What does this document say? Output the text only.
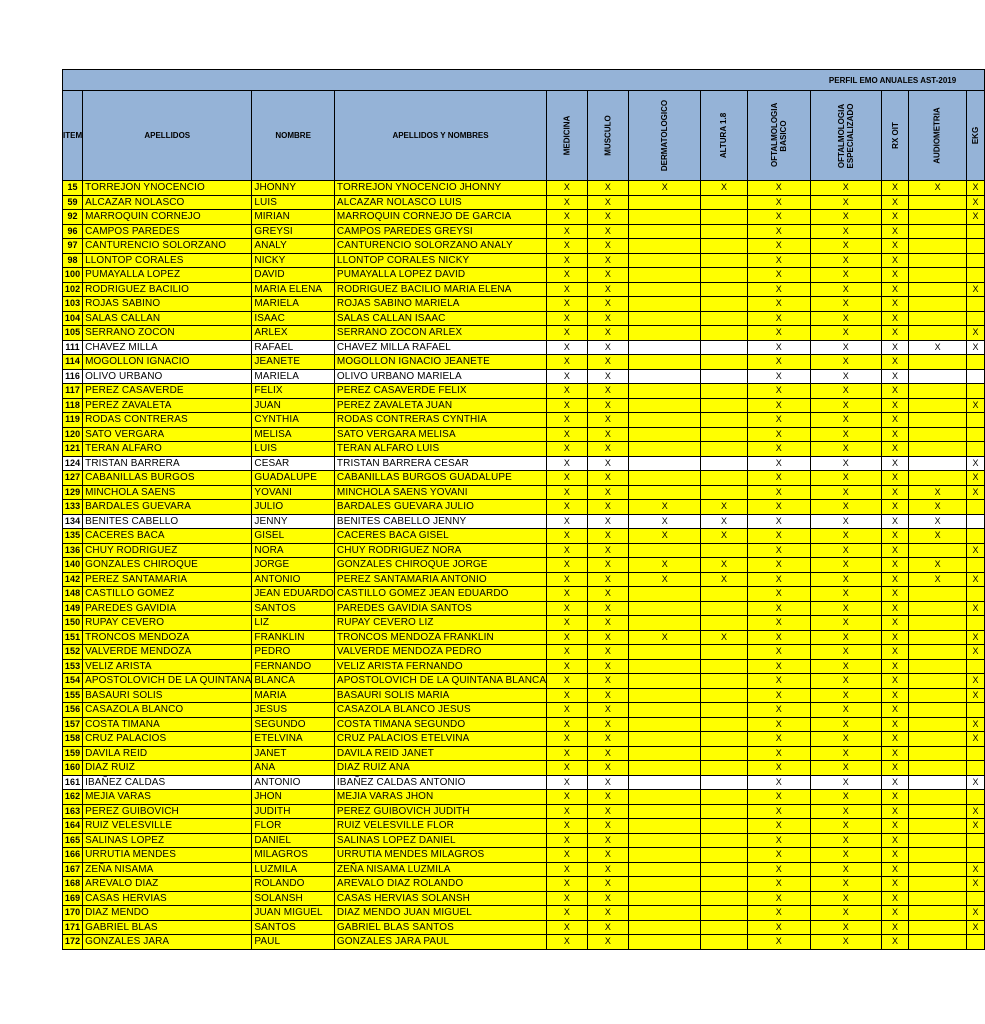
PERFIL EMO ANUALES AST-2019												
ITEM	APELLIDOS	NOMBRE	APELLIDOS Y NOMBRES	MEDICINA	MUSCULO	DERMATOLOGICO	ALTURA 1.8	OFTALMOLOGIA BASICO	OFTALMOLOGIA ESPECIALIZADO	RX OIT	AUDIOMETRIA	EKG
15	TORREJON YNOCENCIO	JHONNY	TORREJON YNOCENCIO JHONNY	X	X	X	X	X	X	X	X	X
59	ALCAZAR NOLASCO	LUIS	ALCAZAR NOLASCO LUIS	X	X			X	X	X		X
92	MARROQUIN CORNEJO	MIRIAN	MARROQUIN CORNEJO DE GARCIA	X	X			X	X	X		X
96	CAMPOS PAREDES	GREYSI	CAMPOS PAREDES GREYSI	X	X			X	X	X		
97	CANTURENCIO SOLORZANO	ANALY	CANTURENCIO SOLORZANO ANALY	X	X			X	X	X		
98	LLONTOP CORALES	NICKY	LLONTOP CORALES NICKY	X	X			X	X	X		
100	PUMAYALLA LOPEZ	DAVID	PUMAYALLA LOPEZ DAVID	X	X			X	X	X		
102	RODRIGUEZ BACILIO	MARIA ELENA	RODRIGUEZ BACILIO MARIA ELENA	X	X			X	X	X		X
103	ROJAS SABINO	MARIELA	ROJAS SABINO MARIELA	X	X			X	X	X		
104	SALAS CALLAN	ISAAC	SALAS CALLAN ISAAC	X	X			X	X	X		
105	SERRANO ZOCON	ARLEX	SERRANO ZOCON ARLEX	X	X			X	X	X		X
111	CHAVEZ MILLA	RAFAEL	CHAVEZ MILLA RAFAEL	X	X			X	X	X	X	X
114	MOGOLLON IGNACIO	JEANETE	MOGOLLON IGNACIO JEANETE	X	X			X	X	X		
116	OLIVO URBANO	MARIELA	OLIVO URBANO MARIELA	X	X			X	X	X		
117	PEREZ CASAVERDE	FELIX	PEREZ CASAVERDE FELIX	X	X			X	X	X		
118	PEREZ ZAVALETA	JUAN	PEREZ ZAVALETA JUAN	X	X			X	X	X		X
119	RODAS CONTRERAS	CYNTHIA	RODAS CONTRERAS CYNTHIA	X	X			X	X	X		
120	SATO VERGARA	MELISA	SATO VERGARA MELISA	X	X			X	X	X		
121	TERAN ALFARO	LUIS	TERAN ALFARO LUIS	X	X			X	X	X		
124	TRISTAN BARRERA	CESAR	TRISTAN BARRERA CESAR	X	X			X	X	X		X
127	CABANILLAS BURGOS	GUADALUPE	CABANILLAS BURGOS GUADALUPE	X	X			X	X	X		X
129	MINCHOLA SAENS	YOVANI	MINCHOLA SAENS YOVANI	X	X			X	X	X	X	X
133	BARDALES GUEVARA	JULIO	BARDALES GUEVARA JULIO	X	X	X	X	X	X	X	X	
134	BENITES CABELLO	JENNY	BENITES CABELLO JENNY	X	X	X	X	X	X	X	X	
135	CACERES BACA	GISEL	CACERES BACA GISEL	X	X	X	X	X	X	X	X	
136	CHUY RODRIGUEZ	NORA	CHUY RODRIGUEZ NORA	X	X			X	X	X		X
140	GONZALES CHIROQUE	JORGE	GONZALES CHIROQUE JORGE	X	X	X	X	X	X	X	X	
142	PEREZ SANTAMARIA	ANTONIO	PEREZ SANTAMARIA ANTONIO	X	X	X	X	X	X	X	X	X
148	CASTILLO GOMEZ	JEAN EDUARDO	CASTILLO GOMEZ JEAN EDUARDO	X	X			X	X	X		
149	PAREDES GAVIDIA	SANTOS	PAREDES GAVIDIA SANTOS	X	X			X	X	X		X
150	RUPAY CEVERO	LIZ	RUPAY CEVERO LIZ	X	X			X	X	X		
151	TRONCOS MENDOZA	FRANKLIN	TRONCOS MENDOZA FRANKLIN	X	X	X	X	X	X	X		X
152	VALVERDE MENDOZA	PEDRO	VALVERDE MENDOZA PEDRO	X	X			X	X	X		X
153	VELIZ ARISTA	FERNANDO	VELIZ ARISTA FERNANDO	X	X			X	X	X		
154	APOSTOLOVICH DE LA QUINTANA	BLANCA	APOSTOLOVICH DE LA QUINTANA BLANCA	X	X			X	X	X		X
155	BASAURI SOLIS	MARIA	BASAURI SOLIS MARIA	X	X			X	X	X		X
156	CASAZOLA BLANCO	JESUS	CASAZOLA BLANCO JESUS	X	X			X	X	X		
157	COSTA TIMANA	SEGUNDO	COSTA TIMANA SEGUNDO	X	X			X	X	X		X
158	CRUZ PALACIOS	ETELVINA	CRUZ PALACIOS ETELVINA	X	X			X	X	X		X
159	DAVILA REID	JANET	DAVILA REID JANET	X	X			X	X	X		
160	DIAZ RUIZ	ANA	DIAZ RUIZ ANA	X	X			X	X	X		
161	IBAÑEZ CALDAS	ANTONIO	IBAÑEZ CALDAS ANTONIO	X	X			X	X	X		X
162	MEJIA VARAS	JHON	MEJIA VARAS JHON	X	X			X	X	X		
163	PEREZ GUIBOVICH	JUDITH	PEREZ GUIBOVICH JUDITH	X	X			X	X	X		X
164	RUIZ VELESVILLE	FLOR	RUIZ VELESVILLE FLOR	X	X			X	X	X		X
165	SALINAS LOPEZ	DANIEL	SALINAS LOPEZ DANIEL	X	X			X	X	X		
166	URRUTIA MENDES	MILAGROS	URRUTIA MENDES MILAGROS	X	X			X	X	X		
167	ZEÑA NISAMA	LUZMILA	ZEÑA NISAMA LUZMILA	X	X			X	X	X		X
168	AREVALO DIAZ	ROLANDO	AREVALO DIAZ ROLANDO	X	X			X	X	X		X
169	CASAS HERVIAS	SOLANSH	CASAS HERVIAS SOLANSH	X	X			X	X	X		
170	DIAZ MENDO	JUAN MIGUEL	DIAZ MENDO JUAN MIGUEL	X	X			X	X	X		X
171	GABRIEL BLAS	SANTOS	GABRIEL BLAS SANTOS	X	X			X	X	X		X
172	GONZALES JARA	PAUL	GONZALES JARA PAUL	X	X			X	X	X		
